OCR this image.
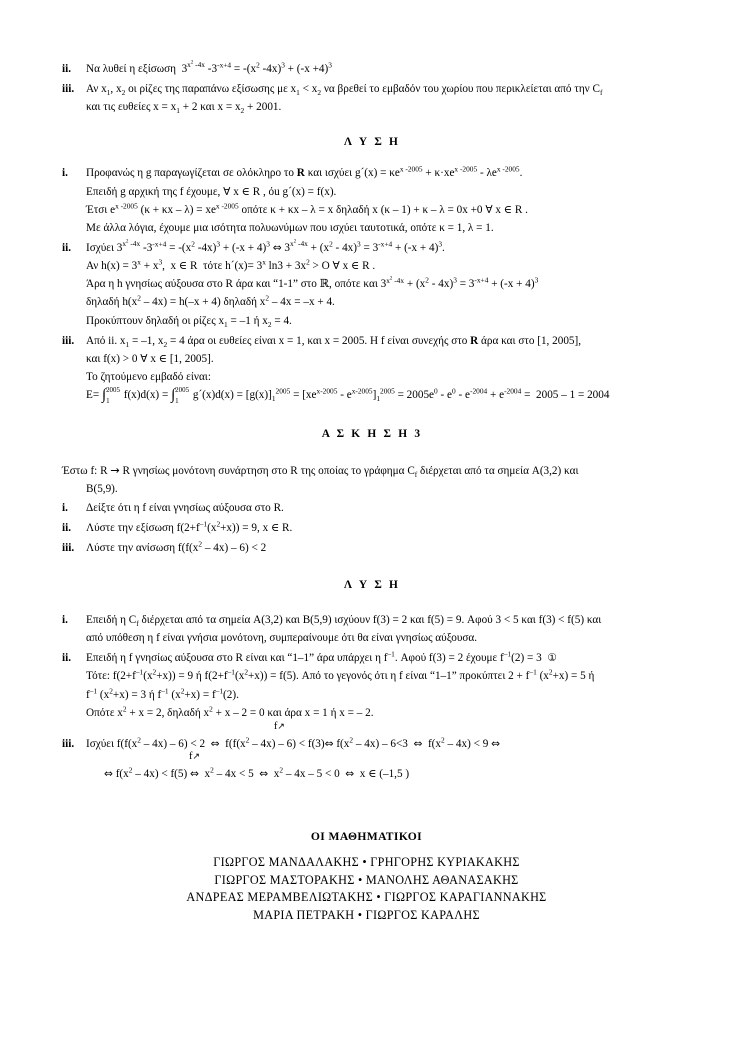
ii.	Να λυθεί η εξίσωση  $3^{x^2 -4x}$ $-3^{-x+4} = -(x^2$ $-4x)^3 + (-x +4)^3$
iii.	Αν $x_1$, $x_2$ οι ρίζες της παραπάνω εξίσωσης με $x_1 < x_2$ να βρεθεί το εμβαδόν του χωρίου που περικλείεται από την $C_f$
και τις ευθείες $x = x_1 + 2$ και $x = x_2 + 2001$.
Λ Υ Σ Η
i.	Προφανώς η g παραγωγίζεται σε ολόκληρο το R και ισχύει g´(x) = $\kappa e^{x -2005} + \kappa\cdot xe^{x -2005} - \lambda e^{x -2005}$.
Επειδή g αρχική της f έχουμε, ∀ x ∈ R , όu g´(x) = f(x).
Έτσι $e^{x -2005}$ $(\kappa + \kappa x - \lambda) = xe^{x -2005}$ οπότε κ + κx – λ = x δηλαδή x (κ – 1) + κ – λ = 0x +0 ∀ x ∈ R .
Με άλλα λόγια, έχουμε μια ισότητα πολυωνύμων που ισχύει ταυτοτικά, οπότε κ = 1, λ = 1.
ii.	Ισχύει $3^{x^2 -4x}$ $-3^{-x+4} = -(x^2$ $-4x)^3 + (-x + 4)^3$ ⇔ $3^{x^2 -4x} + (x^2 - 4x)^3 = 3^{-x+4} + (-x + 4)^3$.
Αν $h(x) = 3^x + x^3$,  x ∈ R  τότε h´(x)= $3^x$ $\ln 3 + 3x^2 > O$ ∀ x ∈ R .
Άρα η h γνησίως αύξουσα στο R άρα και “1-1” στο ℝ, οπότε και $3^{x^2 -4x} + (x^2 - 4x)^3 = 3^{-x+4} + (-x + 4)^3$
δηλαδή $h(x^2 - 4x) = h(-x + 4)$ δηλαδή $x^2 - 4x = -x + 4$.
Προκύπτουν δηλαδή οι ρίζες $x_1 = -1$ ή $x_2 = 4$.
iii.	Από ii. $x_1 = -1$, $x_2 = 4$ άρα οι ευθείες είναι x = 1, και x = 2005. Η f είναι συνεχής στο R άρα και στο [1, 2005],
και f(x) > 0 ∀ x ∈ [1, 2005].
Το ζητούμενο εμβαδό είναι:
E= ∫ 2005
1	f(x)d(x) = ∫ 2005
1	g´(x)d(x) = $[g(x)]_1^{2005} = [xe^{x-2005} - e^{x-2005}]_1^{2005} = 2005e^0 - e^0 - e^{-2004} + e^{-2004} = 2005 - 1 = 2004$
Α Σ Κ Η Σ Η 3
Έστω f: R → R γνησίως μονότονη συνάρτηση στο R της οποίας το γράφημα $C_f$ διέρχεται από τα σημεία A(3,2) και
B(5,9).
i.	Δείξτε ότι η f είναι γνησίως αύξουσα στο R.
ii.	Λύστε την εξίσωση $f(2+f^{-1}(x^2+x)) = 9$, x ∈ R.
iii.	Λύστε την ανίσωση $f(f(x^2 - 4x) - 6) < 2$
Λ Υ Σ Η
i.	Επειδή η $C_f$ διέρχεται από τα σημεία A(3,2) και B(5,9) ισχύουν f(3) = 2 και f(5) = 9. Αφού 3 < 5 και f(3) < f(5) και
από υπόθεση η f είναι γνήσια μονότονη, συμπεραίνουμε ότι θα είναι γνησίως αύξουσα.
ii.	Επειδή η f γνησίως αύξουσα στο R είναι και “1–1” άρα υπάρχει η $f^{-1}$. Αφού f(3) = 2 έχουμε $f^{-1}(2) = 3$  ①
Τότε: $f(2+f^{-1}(x^2+x)) = 9$ ή $f(2+f^{-1}(x^2+x)) = f(5)$. Από το γεγονός ότι η f είναι “1–1” προκύπτει $2 + f^{-1}$ $(x^2+x) = 5$ ή
$f^{-1}$ $(x^2+x) = 3$ ή $f^{-1}$ $(x^2+x) = f^{-1}(2)$.
Οπότε $x^2 + x = 2$, δηλαδή $x^2 + x - 2 = 0$ και άρα x = 1 ή x = – 2.
iii.	Ισχύει $f(f(x^2 - 4x) - 6) < 2$  ⇔
f↗
$f(f(x^2 - 4x) - 6)$ < f(3)⇔ $f(x^2 - 4x) - 6<3$  ⇔  $f(x^2 - 4x) < 9$ ⇔
⇔ $f(x^2 - 4x) < f(5)$
f↗
⇔  $x^2 - 4x < 5$  ⇔  $x^2 - 4x - 5 < 0$  ⇔  x ∈ (–1,5 )
ΟΙ ΜΑΘΗΜΑΤΙΚΟΙ
ΓΙΩΡΓΟΣ ΜΑΝΔΑΛΑΚΗΣ • ΓΡΗΓΟΡΗΣ ΚΥΡΙΑΚΑΚΗΣ
ΓΙΩΡΓΟΣ ΜΑΣΤΟΡΑΚΗΣ • ΜΑΝΟΛΗΣ ΑΘΑΝΑΣΑΚΗΣ
ΑΝΔΡΕΑΣ ΜΕΡΑΜΒΕΛΙΩΤΑΚΗΣ • ΓΙΩΡΓΟΣ ΚΑΡΑΓΙΑΝΝΑΚΗΣ
ΜΑΡΙΑ ΠΕΤΡΑΚΗ • ΓΙΩΡΓΟΣ ΚΑΡΑΛΗΣ
